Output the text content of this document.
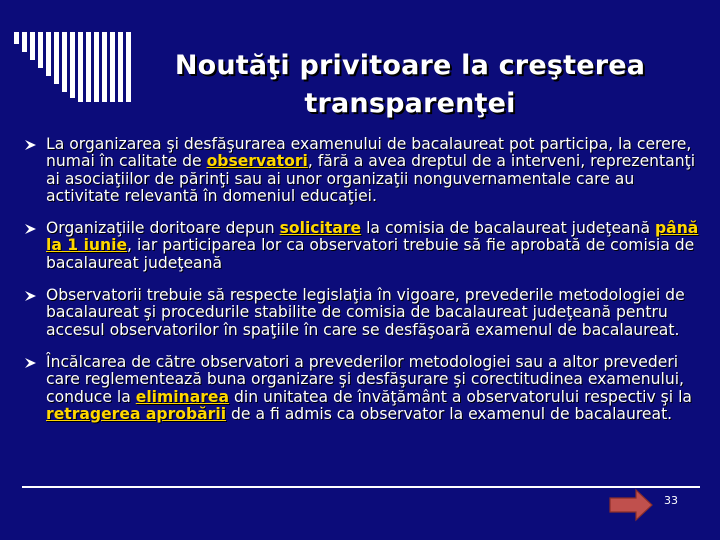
Noutăţi privitoare la creşterea
transparenţei
La organizarea şi desfăşurarea examenului de bacalaureat pot participa, la cerere, numai în calitate de observatori, fără a avea dreptul de a interveni, reprezentanţi ai asociaţiilor de părinţi sau ai unor organizaţii nonguvernamentale care au activitate relevantă în domeniul educaţiei.
Organizaţiile doritoare depun solicitare la comisia de bacalaureat judeţeană până la 1 iunie, iar participarea lor ca observatori trebuie să fie aprobată de comisia de bacalaureat judeţeană
Observatorii trebuie să respecte legislaţia în vigoare, prevederile metodologiei de bacalaureat şi procedurile stabilite de comisia de bacalaureat judeţeană pentru accesul observatorilor în spaţiile în care se desfăşoară examenul de bacalaureat.
Încălcarea de către observatori a prevederilor metodologiei sau a altor prevederi care reglementează buna organizare şi desfăşurare şi corectitudinea examenului, conduce la eliminarea din unitatea de învăţământ a observatorului respectiv şi la retragerea aprobării de a fi admis ca observator la examenul de bacalaureat.
33
